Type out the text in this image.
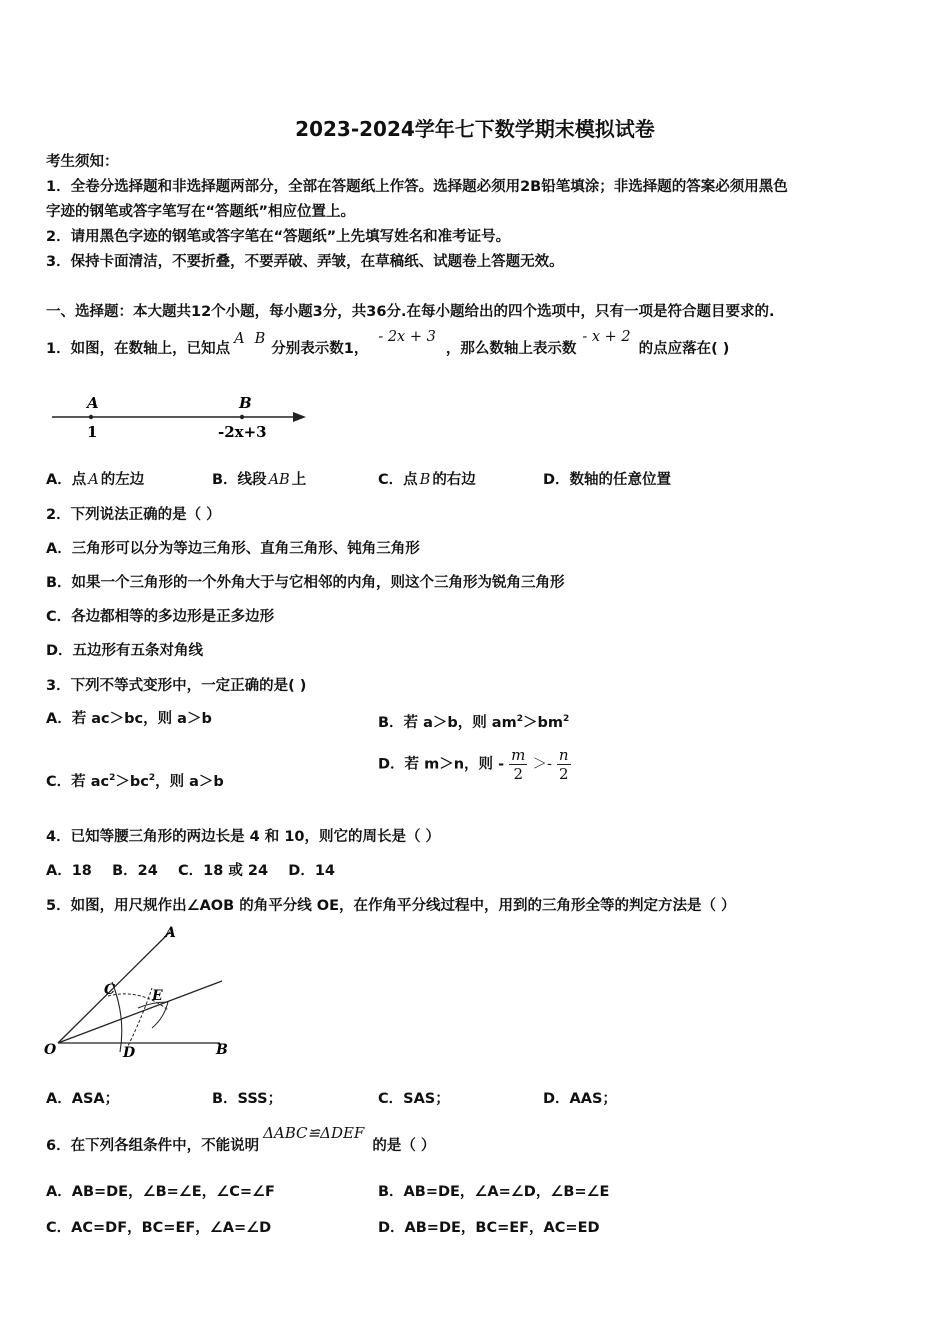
2023-2024学年七下数学期末模拟试卷
考生须知：
1．全卷分选择题和非选择题两部分，全部在答题纸上作答。选择题必须用2B铅笔填涂；非选择题的答案必须用黑色
字迹的钢笔或答字笔写在“答题纸”相应位置上。
2．请用黑色字迹的钢笔或答字笔在“答题纸”上先填写姓名和准考证号。
3．保持卡面清洁，不要折叠，不要弄破、弄皱，在草稿纸、试题卷上答题无效。
一、选择题：本大题共12个小题，每小题3分，共36分.在每小题给出的四个选项中，只有一项是符合题目要求的.
1．如图，在数轴上，已知点A B分别表示数1，- 2x + 3，那么数轴上表示数- x + 2的点应落在( )
A	B
1	-2x+3
A．点 A 的左边	B．线段 AB 上	C．点 B 的右边	D．数轴的任意位置
2．下列说法正确的是（ ）
A．三角形可以分为等边三角形、直角三角形、钝角三角形
B．如果一个三角形的一个外角大于与它相邻的内角，则这个三角形为锐角三角形
C．各边都相等的多边形是正多边形
D．五边形有五条对角线
3．下列不等式变形中，一定正确的是( )
A．若 ac＞bc，则 a＞b	B．若 a＞b，则 $am^2>bm^2$
C．若 $ac^2>bc^2$，则 a＞b
D．若 m＞n，则 - $\frac{m}{2} >- \frac{n}{2}$
4．已知等腰三角形的两边长是 4 和 10，则它的周长是（ ）
A．18    B．24    C．18 或 24    D．14
5．如图，用尺规作出∠AOB 的角平分线 OE，在作角平分线过程中，用到的三角形全等的判定方法是（ ）
A
B
C
D
E
O
A．ASA；	B．SSS；	C．SAS；	D．AAS；
6．在下列各组条件中，不能说明ΔABC≌ΔDEF的是（ ）
A．AB=DE，∠B=∠E，∠C=∠F	B．AB=DE，∠A=∠D，∠B=∠E
C．AC=DF，BC=EF，∠A=∠D	D．AB=DE，BC=EF，AC=ED
